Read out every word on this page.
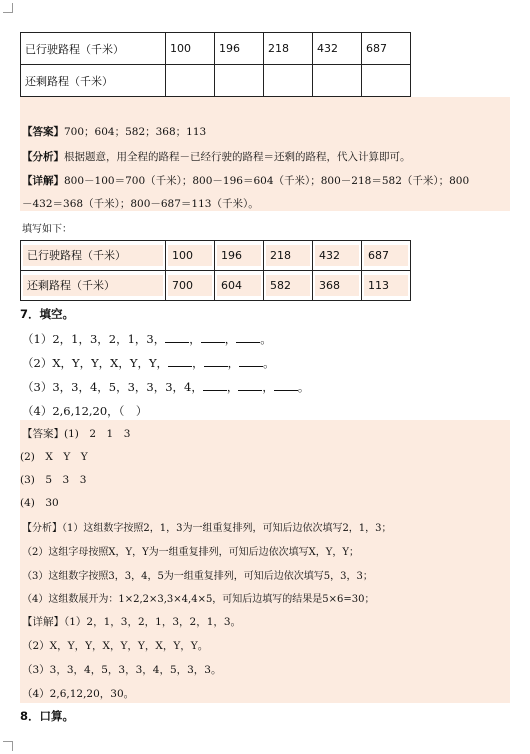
已行驶路程（千米）	100	196	218	432	687
还剩路程（千米）					
【答案】700；604；582；368；113
【分析】根据题意，用全程的路程－已经行驶的路程＝还剩的路程，代入计算即可。
【详解】800－100＝700（千米）；800－196＝604（千米）；800－218＝582（千米）；800
－432＝368（千米）；800－687＝113（千米）。
填写如下：
已行驶路程（千米）	100	196	218	432	687

还剩路程（千米）	700	604	582	368	113
7．填空。
（1）2，1，3，2，1，3， ， ， 。
（2）X，Y，Y，X，Y，Y， ， ， 。
（3）3，3，4，5，3，3，3，4， ， ， 。
（4）2,6,12,20，（　）
【答案】(1)　2　1　3
(2)　X　Y　Y
(3)　5　3　3
(4)　30
【分析】（1）这组数字按照2，1，3为一组重复排列，可知后边依次填写2，1，3；
（2）这组字母按照X，Y，Y为一组重复排列，可知后边依次填写X，Y，Y；
（3）这组数字按照3，3，4，5为一组重复排列，可知后边依次填写5，3，3；
（4）这组数展开为：1×2,2×3,3×4,4×5，可知后边填写的结果是5×6=30；
【详解】（1）2，1，3，2，1，3，2，1，3。
（2）X，Y，Y，X，Y，Y，X，Y，Y。
（3）3，3，4，5，3，3，4，5，3，3。
（4）2,6,12,20，30。
8．口算。
